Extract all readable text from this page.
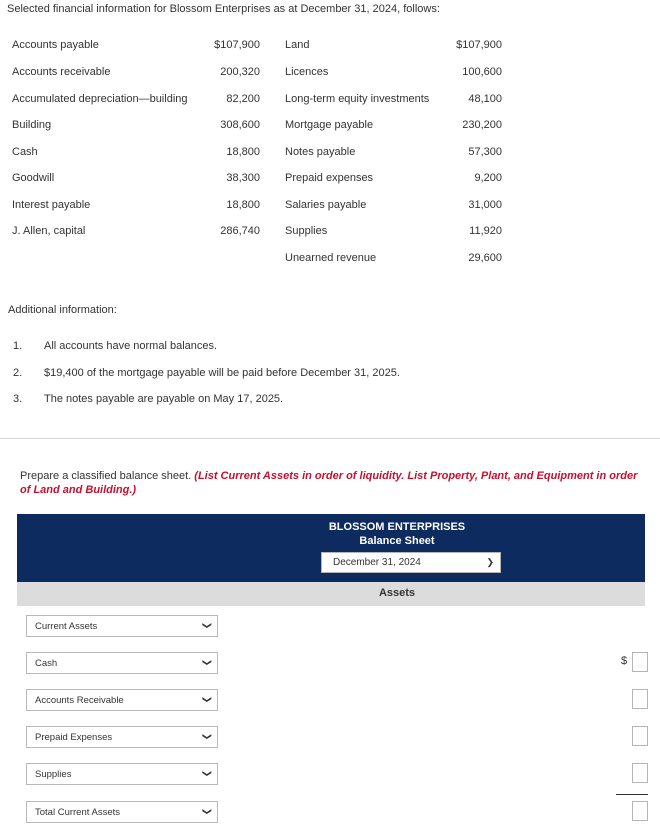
Selected financial information for Blossom Enterprises as at December 31, 2024, follows:
Accounts payable	$107,900
Accounts receivable	200,320
Accumulated depreciation—building	82,200
Building	308,600
Cash	18,800
Goodwill	38,300
Interest payable	18,800
J. Allen, capital	286,740
Land	$107,900
Licences	100,600
Long-term equity investments	48,100
Mortgage payable	230,200
Notes payable	57,300
Prepaid expenses	9,200
Salaries payable	31,000
Supplies	11,920
Unearned revenue	29,600
Additional information:
1. All accounts have normal balances.
2. $19,400 of the mortgage payable will be paid before December 31, 2025.
3. The notes payable are payable on May 17, 2025.
Prepare a classified balance sheet. (List Current Assets in order of liquidity. List Property, Plant, and Equipment in order of Land and Building.)
BLOSSOM ENTERPRISES
Balance Sheet
December 31, 2024	❯
Assets
Current Assets	❯
Cash	❯
Accounts Receivable	❯
Prepaid Expenses	❯
Supplies	❯
Total Current Assets	❯
$
